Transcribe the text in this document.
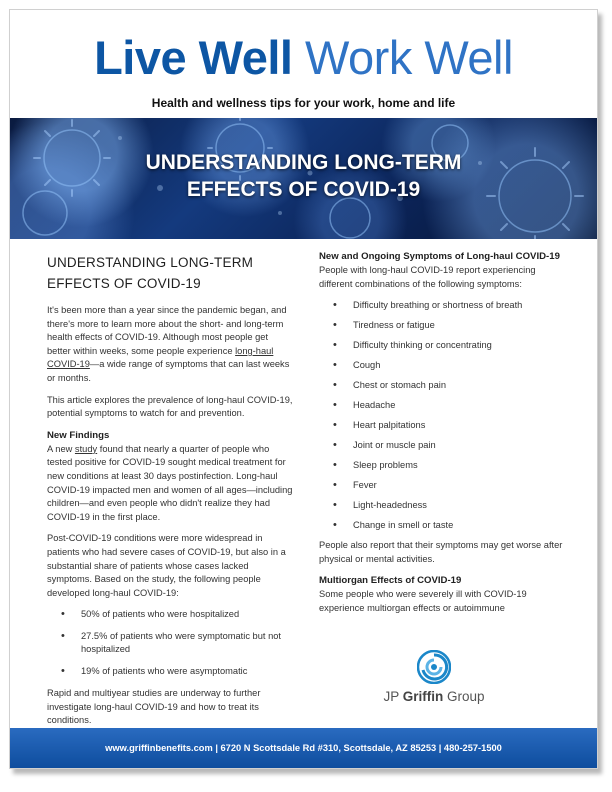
Live Well Work Well
Health and wellness tips for your work, home and life
UNDERSTANDING LONG-TERM
EFFECTS OF COVID-19
UNDERSTANDING LONG-TERM
EFFECTS OF COVID-19

It's been more than a year since the pandemic began, and there's more to learn more about the short- and long-term health effects of COVID-19. Although most people get better within weeks, some people experience long-haul COVID-19—a wide range of symptoms that can last weeks or months.

This article explores the prevalence of long-haul COVID-19, potential symptoms to watch for and prevention.

New Findings

A new study found that nearly a quarter of people who tested positive for COVID-19 sought medical treatment for new conditions at least 30 days postinfection. Long-haul COVID-19 impacted men and women of all ages—including children—and even people who didn't realize they had COVID-19 in the first place.

Post-COVID-19 conditions were more widespread in patients who had severe cases of COVID-19, but also in a substantial share of patients whose cases lacked symptoms. Based on the study, the following people developed long-haul COVID-19:

• 50% of patients who were hospitalized
• 27.5% of patients who were symptomatic but not hospitalized
• 19% of patients who were asymptomatic

Rapid and multiyear studies are underway to further investigate long-haul COVID-19 and how to treat its conditions.

New and Ongoing Symptoms of Long-haul COVID-19

People with long-haul COVID-19 report experiencing different combinations of the following symptoms:

• Difficulty breathing or shortness of breath
• Tiredness or fatigue
• Difficulty thinking or concentrating
• Cough
• Chest or stomach pain
• Headache
• Heart palpitations
• Joint or muscle pain
• Sleep problems
• Fever
• Light-headedness
• Change in smell or taste

People also report that their symptoms may get worse after physical or mental activities.

Multiorgan Effects of COVID-19

Some people who were severely ill with COVID-19 experience multiorgan effects or autoimmune

JP Griffin Group
www.griffinbenefits.com | 6720 N Scottsdale Rd #310, Scottsdale, AZ 85253 | 480-257-1500
